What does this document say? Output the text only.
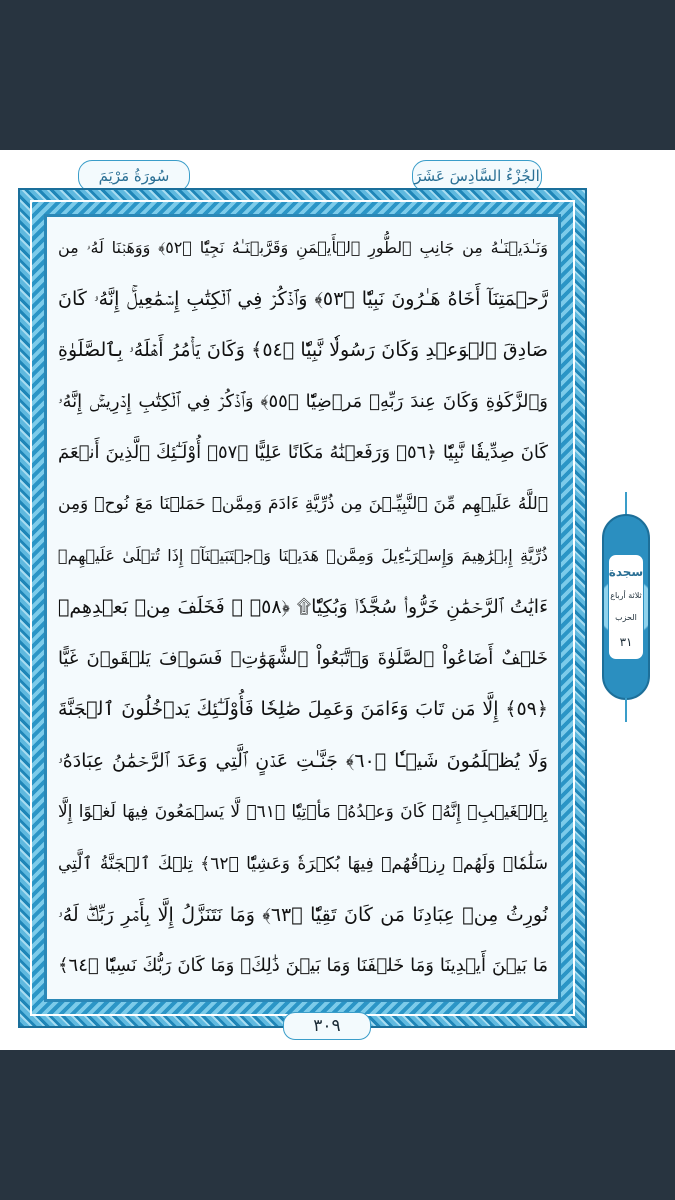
سُورَةُ مَرْيَمَ	الجُزْءُ السَّادِسَ عَشَرَ
وَنَـٰدَيۡنَـٰهُ مِن جَانِبِ ٱلطُّورِ ٱلۡأَيۡمَنِ وَقَرَّبۡنَـٰهُ نَجِيّٗا ﴿٥٢﴾ وَوَهَبۡنَا لَهُۥ مِن
رَّحۡمَتِنَآ أَخَاهُ هَـٰرُونَ نَبِيّٗا ﴿٥٣﴾ وَٱذۡكُرۡ فِي ٱلۡكِتَٰبِ إِسۡمَٰعِيلَۚ إِنَّهُۥ كَانَ
صَادِقَ ٱلۡوَعۡدِ وَكَانَ رَسُولٗا نَّبِيّٗا ﴿٥٤﴾ وَكَانَ يَأۡمُرُ أَهۡلَهُۥ بِٱلصَّلَوٰةِ
وَٱلزَّكَوٰةِ وَكَانَ عِندَ رَبِّهِۦ مَرۡضِيّٗا ﴿٥٥﴾ وَٱذۡكُرۡ فِي ٱلۡكِتَٰبِ إِدۡرِيسَۚ إِنَّهُۥ
كَانَ صِدِّيقٗا نَّبِيّٗا ﴿٥٦﴾ وَرَفَعۡنَٰهُ مَكَانًا عَلِيًّا ﴿٥٧﴾ أُوْلَـٰٓئِكَ ٱلَّذِينَ أَنۡعَمَ
ٱللَّهُ عَلَيۡهِم مِّنَ ٱلنَّبِيِّـۧنَ مِن ذُرِّيَّةِ ءَادَمَ وَمِمَّنۡ حَمَلۡنَا مَعَ نُوحٖ وَمِن
ذُرِّيَّةِ إِبۡرَٰهِيمَ وَإِسۡرَـٰٓءِيلَ وَمِمَّنۡ هَدَيۡنَا وَٱجۡتَبَيۡنَآۚ إِذَا تُتۡلَىٰ عَلَيۡهِمۡ
ءَايَٰتُ ٱلرَّحۡمَٰنِ خَرُّواْۤ سُجَّدٗاۤ وَبُكِيّٗا۩ ﴿٥٨﴾ ۞ فَخَلَفَ مِنۢ بَعۡدِهِمۡ
خَلۡفٌ أَضَاعُواْ ٱلصَّلَوٰةَ وَٱتَّبَعُواْ ٱلشَّهَوَٰتِۖ فَسَوۡفَ يَلۡقَوۡنَ غَيًّا
﴿٥٩﴾ إِلَّا مَن تَابَ وَءَامَنَ وَعَمِلَ صَٰلِحٗا فَأُوْلَـٰٓئِكَ يَدۡخُلُونَ ٱلۡجَنَّةَ
وَلَا يُظۡلَمُونَ شَيۡـٔٗا ﴿٦٠﴾ جَنَّـٰتِ عَدۡنٍ ٱلَّتِي وَعَدَ ٱلرَّحۡمَٰنُ عِبَادَهُۥ
بِٱلۡغَيۡبِۚ إِنَّهُۥ كَانَ وَعۡدُهُۥ مَأۡتِيّٗا ﴿٦١﴾ لَّا يَسۡمَعُونَ فِيهَا لَغۡوًا إِلَّا
سَلَٰمٗاۖ وَلَهُمۡ رِزۡقُهُمۡ فِيهَا بُكۡرَةٗ وَعَشِيّٗا ﴿٦٢﴾ تِلۡكَ ٱلۡجَنَّةُ ٱلَّتِي
نُورِثُ مِنۡ عِبَادِنَا مَن كَانَ تَقِيّٗا ﴿٦٣﴾ وَمَا نَتَنَزَّلُ إِلَّا بِأَمۡرِ رَبِّكَۖ لَهُۥ
مَا بَيۡنَ أَيۡدِينَا وَمَا خَلۡفَنَا وَمَا بَيۡنَ ذَٰلِكَۚ وَمَا كَانَ رَبُّكَ نَسِيّٗا ﴿٦٤﴾
٣٠٩
سجدة
ثلاثة أرباع
الحزب
٣١
